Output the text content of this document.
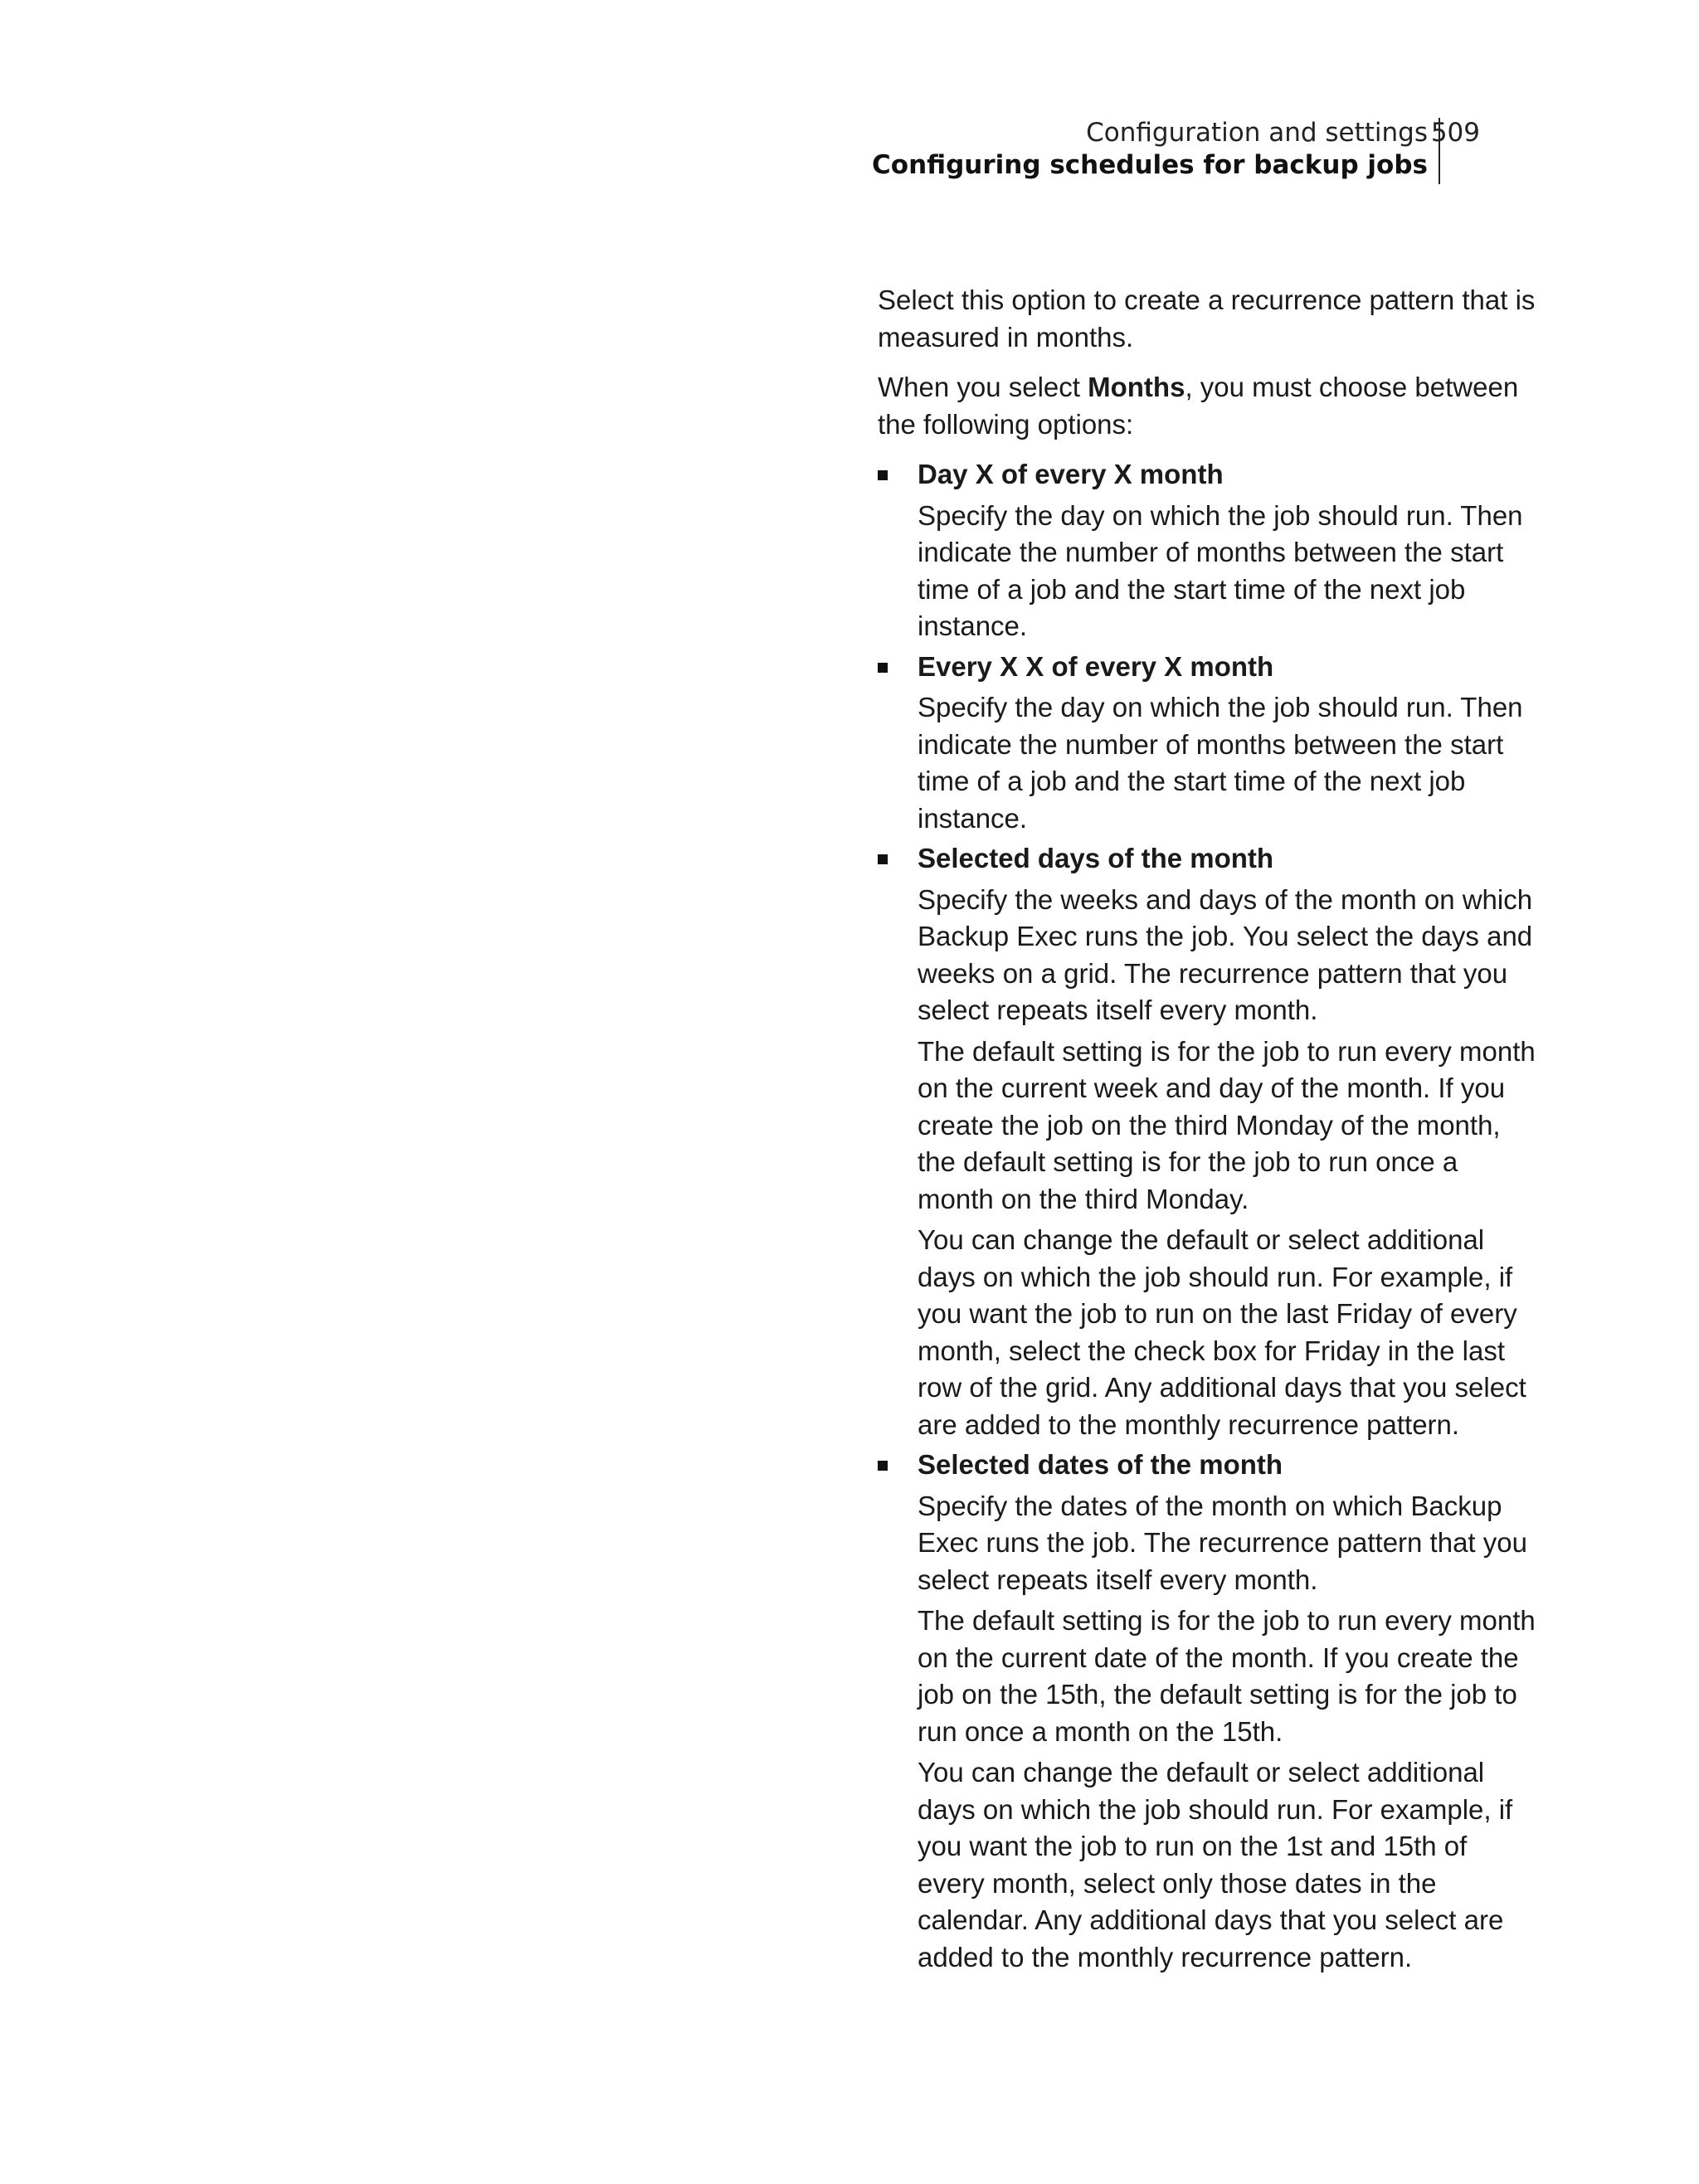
Configuration and settings
Configuring schedules for backup jobs
509

Select this option to create a recurrence pattern that is measured in months.

When you select Months, you must choose between the following options:

Day X of every X month

Specify the day on which the job should run. Then indicate the number of months between the start time of a job and the start time of the next job instance.

Every X X of every X month

Specify the day on which the job should run. Then indicate the number of months between the start time of a job and the start time of the next job instance.

Selected days of the month

Specify the weeks and days of the month on which Backup Exec runs the job. You select the days and weeks on a grid. The recurrence pattern that you select repeats itself every month.

The default setting is for the job to run every month on the current week and day of the month. If you create the job on the third Monday of the month, the default setting is for the job to run once a month on the third Monday.

You can change the default or select additional days on which the job should run. For example, if you want the job to run on the last Friday of every month, select the check box for Friday in the last row of the grid. Any additional days that you select are added to the monthly recurrence pattern.

Selected dates of the month

Specify the dates of the month on which Backup Exec runs the job. The recurrence pattern that you select repeats itself every month.

The default setting is for the job to run every month on the current date of the month. If you create the job on the 15th, the default setting is for the job to run once a month on the 15th.

You can change the default or select additional days on which the job should run. For example, if you want the job to run on the 1st and 15th of every month, select only those dates in the calendar. Any additional days that you select are added to the monthly recurrence pattern.
